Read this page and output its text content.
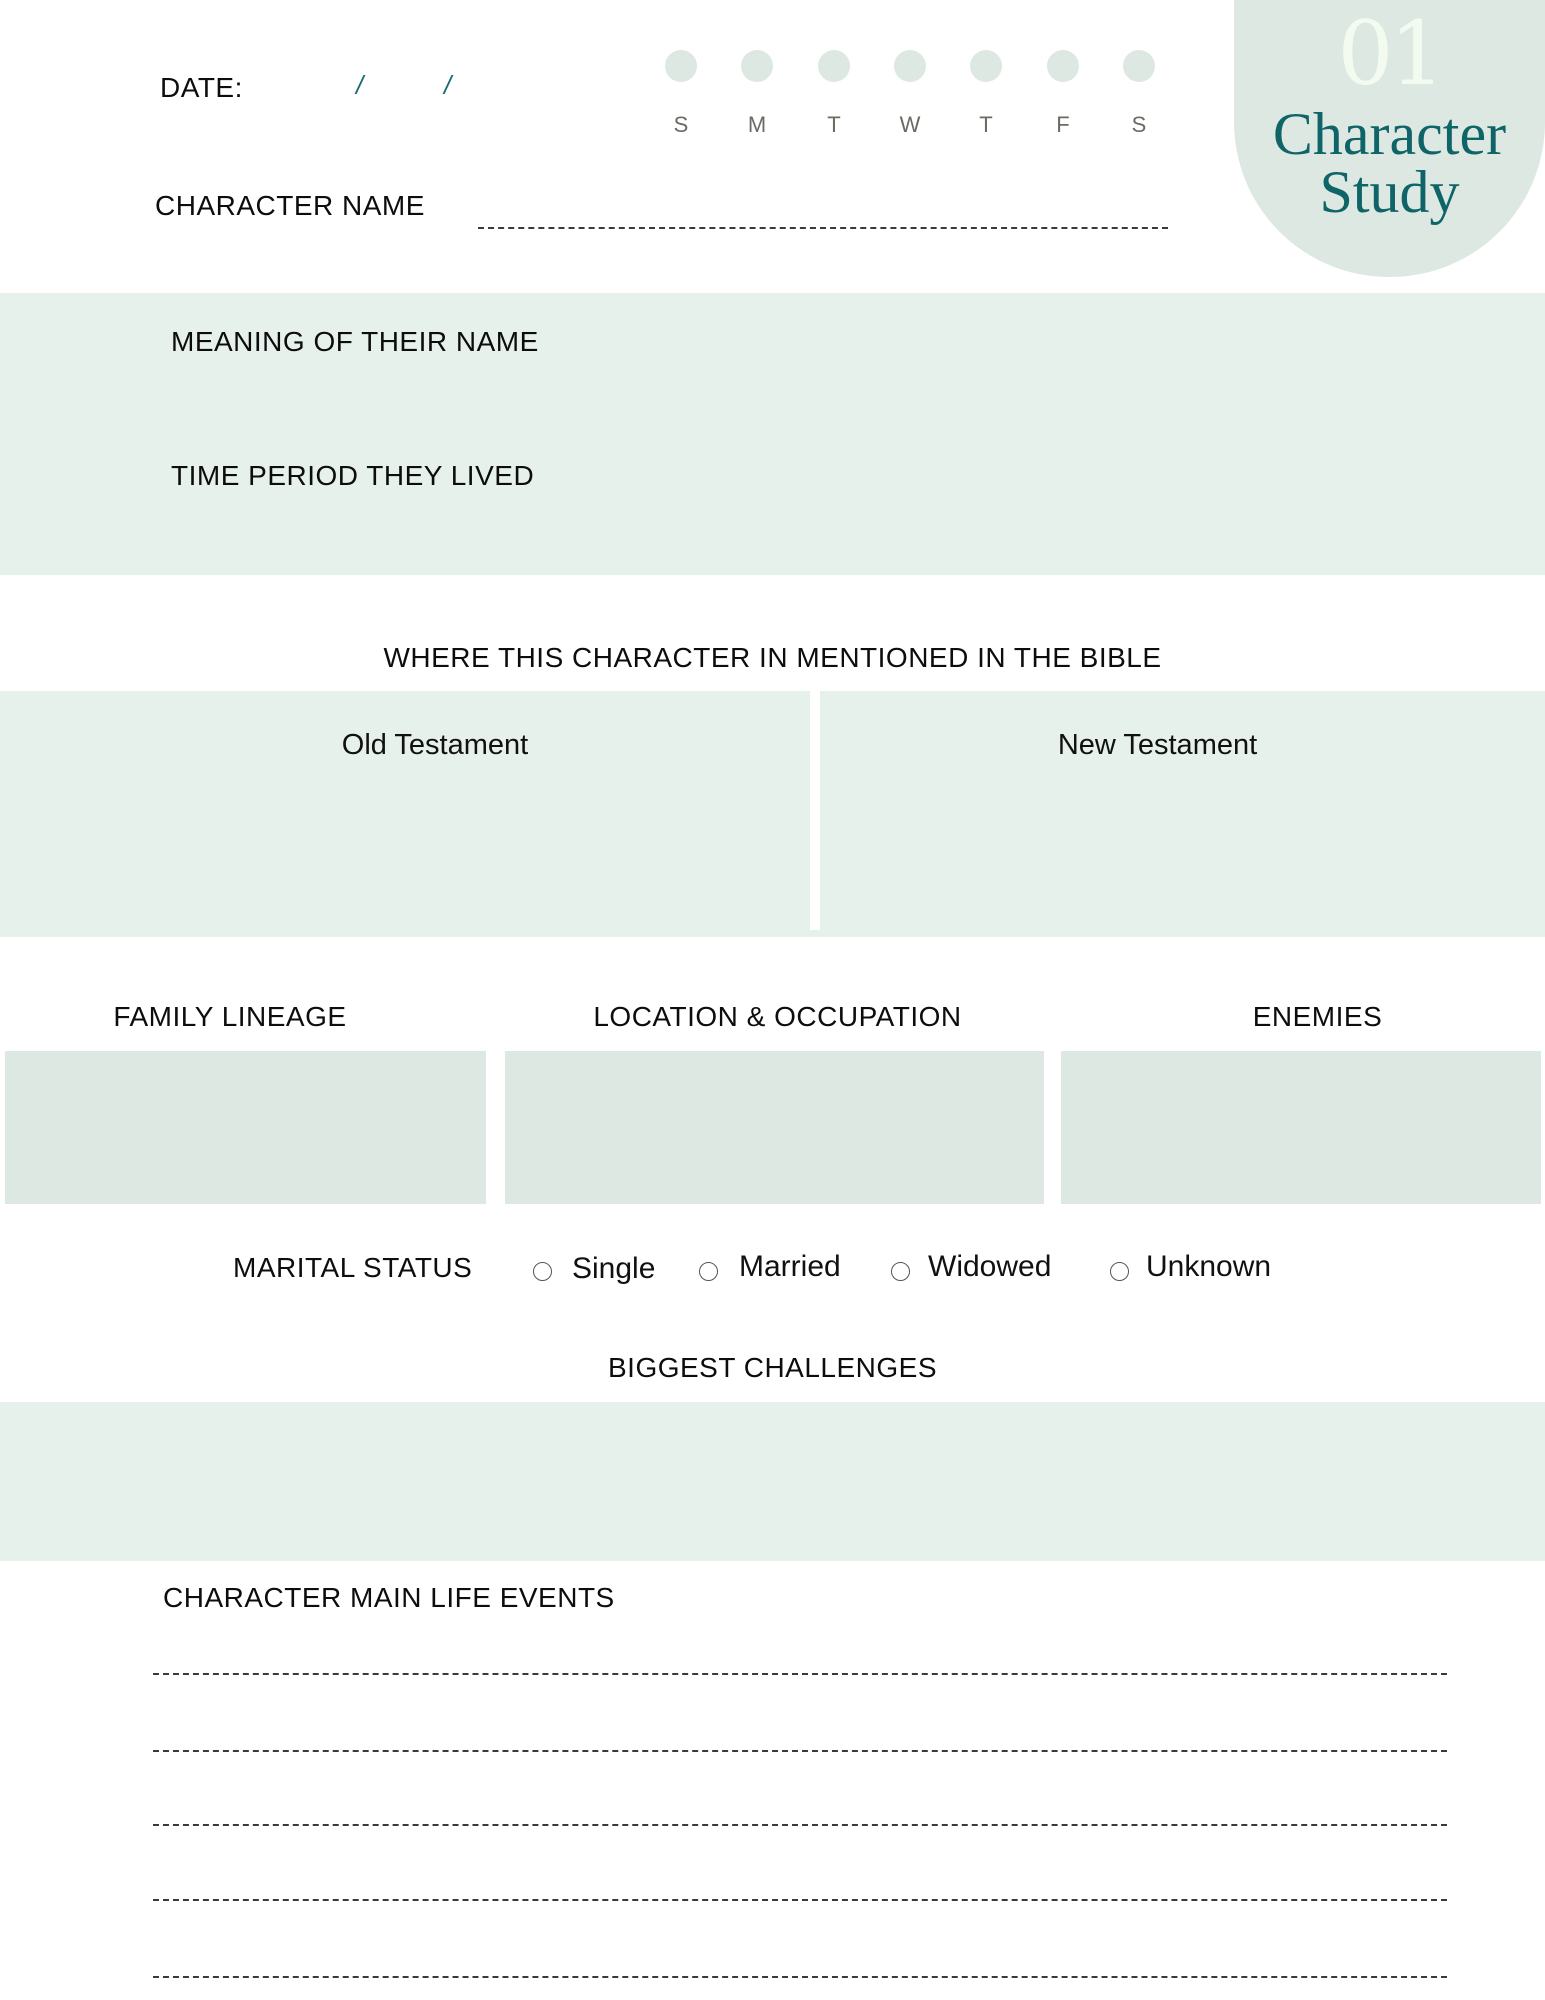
01
Character
Study
DATE:	/	/
S	M	T	W	T	F	S
CHARACTER NAME
MEANING OF THEIR NAME
TIME PERIOD THEY LIVED
WHERE THIS CHARACTER IN MENTIONED IN THE BIBLE
Old Testament	New Testament
FAMILY LINEAGE	LOCATION & OCCUPATION	ENEMIES
MARITAL STATUS	Single	Married	Widowed	Unknown
BIGGEST CHALLENGES
CHARACTER MAIN LIFE EVENTS
